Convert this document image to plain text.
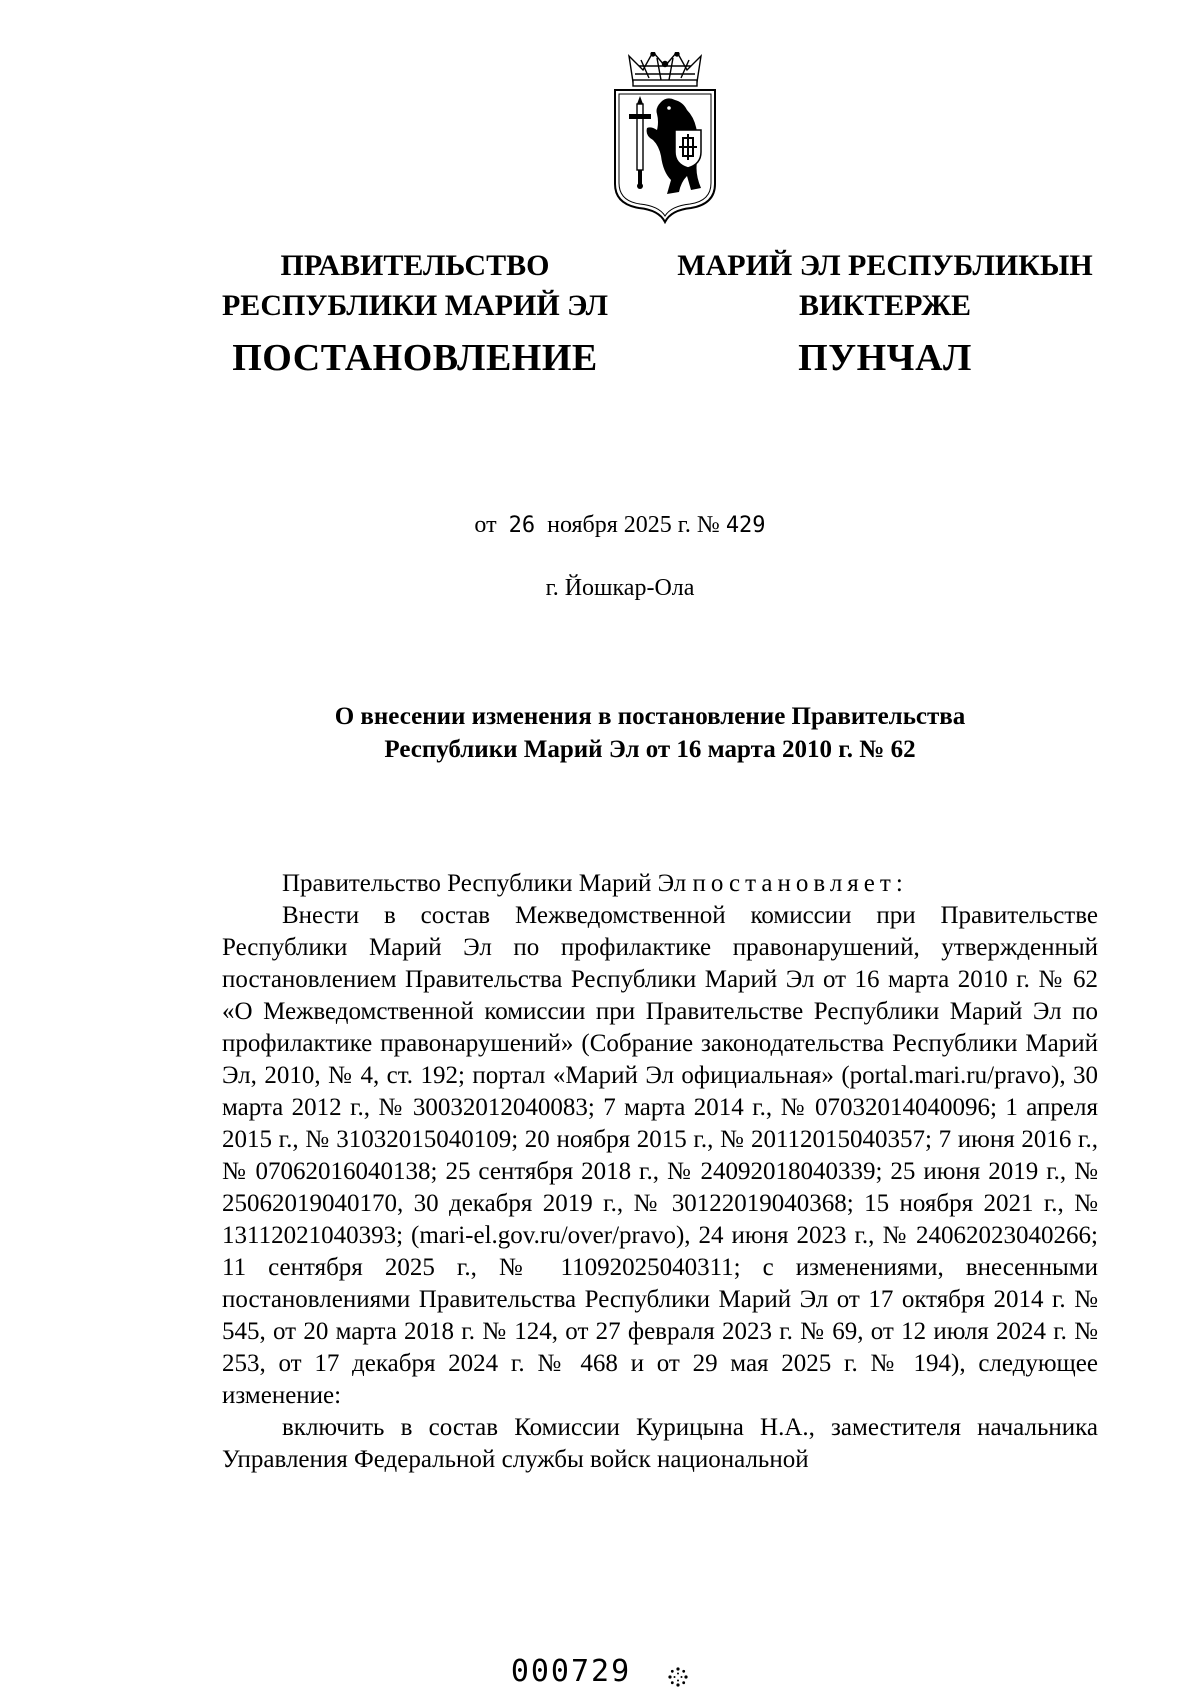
ПРАВИТЕЛЬСТВО
РЕСПУБЛИКИ МАРИЙ ЭЛ
ПОСТАНОВЛЕНИЕ
МАРИЙ ЭЛ РЕСПУБЛИКЫН
ВИКТЕРЖЕ
ПУНЧАЛ
от 26 ноября 2025 г. № 429
г. Йошкар-Ола
О внесении изменения в постановление Правительства
Республики Марий Эл от 16 марта 2010 г. № 62

Правительство Республики Марий Эл постановляет:

Внести в состав Межведомственной комиссии при Правительстве Республики Марий Эл по профилактике правонарушений, утвержденный постановлением Правительства Республики Марий Эл от 16 марта 2010 г. № 62 «О Межведомственной комиссии при Правительстве Республики Марий Эл по профилактике правонарушений» (Собрание законодательства Республики Марий Эл, 2010, № 4, ст. 192; портал «Марий Эл официальная» (portal.mari.ru/pravo), 30 марта 2012 г., № 30032012040083; 7 марта 2014 г., № 07032014040096; 1 апреля 2015 г., № 31032015040109; 20 ноября 2015 г., № 20112015040357; 7 июня 2016 г., № 07062016040138; 25 сентября 2018 г., № 24092018040339; 25 июня 2019 г., № 25062019040170, 30 декабря 2019 г., № 30122019040368; 15 ноября 2021 г., № 13112021040393; (mari-el.gov.ru/over/pravo), 24 июня 2023 г., № 24062023040266; 11 сентября 2025 г., № 11092025040311; с изменениями, внесенными постановлениями Правительства Республики Марий Эл от 17 октября 2014 г. № 545, от 20 марта 2018 г. № 124, от 27 февраля 2023 г. № 69, от 12 июля 2024 г. № 253, от 17 декабря 2024 г. № 468 и от 29 мая 2025 г. № 194), следующее изменение:

включить в состав Комиссии Курицына Н.А., заместителя начальника Управления Федеральной службы войск национальной

000729
